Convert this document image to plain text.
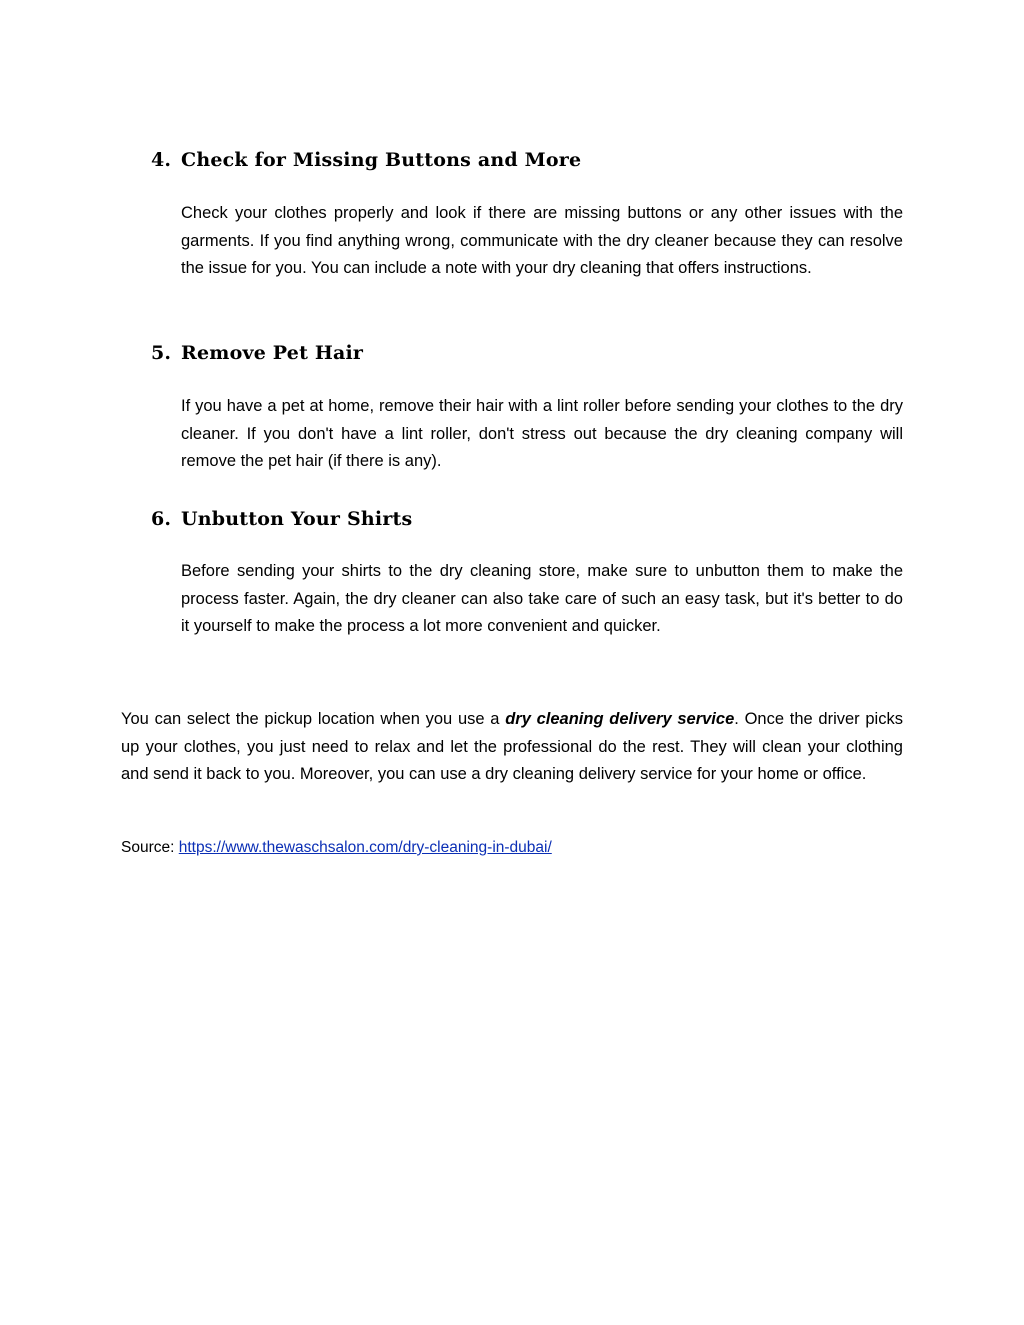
4. Check for Missing Buttons and More

Check your clothes properly and look if there are missing buttons or any other issues with the garments. If you find anything wrong, communicate with the dry cleaner because they can resolve the issue for you. You can include a note with your dry cleaning that offers instructions.

5. Remove Pet Hair

If you have a pet at home, remove their hair with a lint roller before sending your clothes to the dry cleaner. If you don't have a lint roller, don't stress out because the dry cleaning company will remove the pet hair (if there is any).

6. Unbutton Your Shirts

Before sending your shirts to the dry cleaning store, make sure to unbutton them to make the process faster. Again, the dry cleaner can also take care of such an easy task, but it's better to do it yourself to make the process a lot more convenient and quicker.

You can select the pickup location when you use a dry cleaning delivery service. Once the driver picks up your clothes, you just need to relax and let the professional do the rest. They will clean your clothing and send it back to you. Moreover, you can use a dry cleaning delivery service for your home or office.

Source: https://www.thewaschsalon.com/dry-cleaning-in-dubai/
